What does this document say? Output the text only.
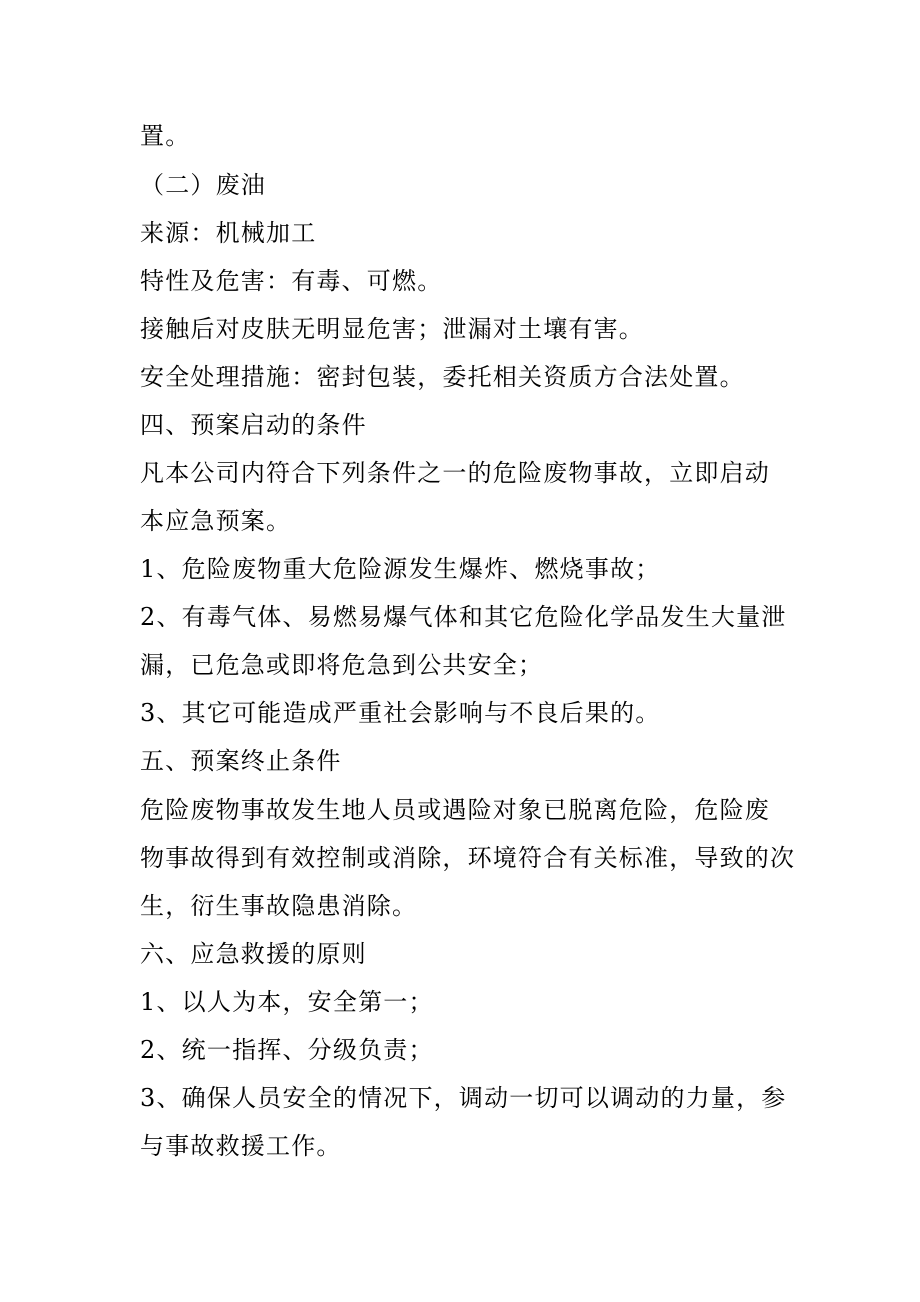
置。
（二）废油
来源：机械加工
特性及危害：有毒、可燃。
接触后对皮肤无明显危害；泄漏对土壤有害。
安全处理措施：密封包装，委托相关资质方合法处置。
四、预案启动的条件
凡本公司内符合下列条件之一的危险废物事故，立即启动
本应急预案。
1、危险废物重大危险源发生爆炸、燃烧事故；
2、有毒气体、易燃易爆气体和其它危险化学品发生大量泄
漏，已危急或即将危急到公共安全；
3、其它可能造成严重社会影响与不良后果的。
五、预案终止条件
危险废物事故发生地人员或遇险对象已脱离危险，危险废
物事故得到有效控制或消除，环境符合有关标准，导致的次
生，衍生事故隐患消除。
六、应急救援的原则
1、以人为本，安全第一；
2、统一指挥、分级负责；
3、确保人员安全的情况下，调动一切可以调动的力量，参
与事故救援工作。
